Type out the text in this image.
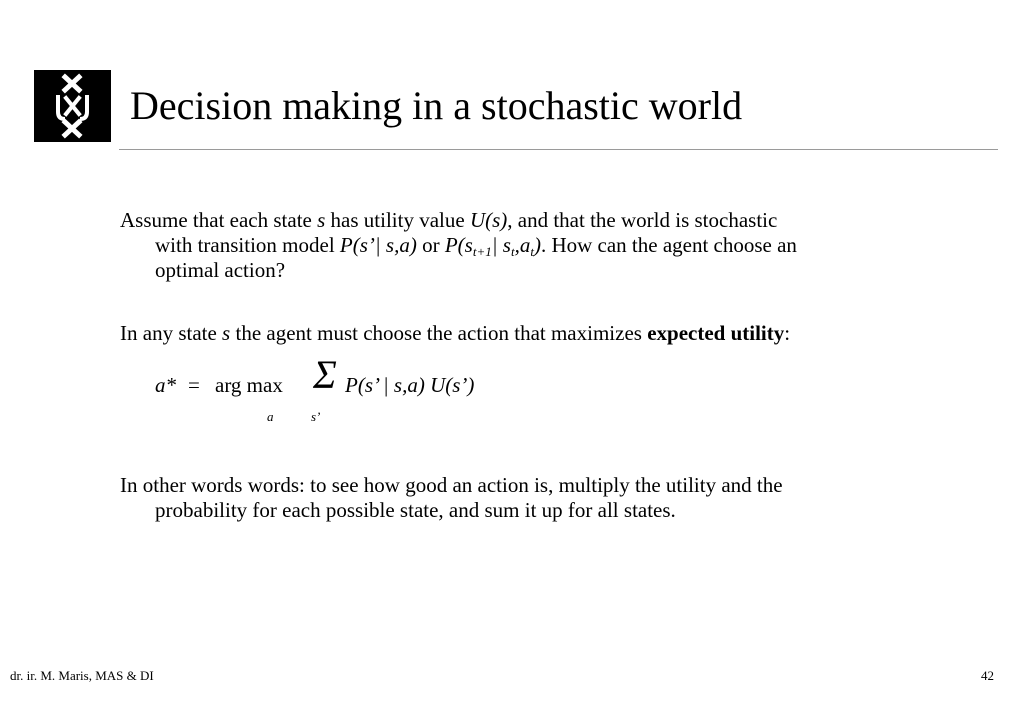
Decision making in a stochastic world
Assume that each state s has utility value U(s), and that the world is stochastic
with transition model P(s’| s,a) or $P(s_{t+1}|$ $s_t,a_t$). How can the agent choose an
optimal action?
In any state s the agent must choose the action that maximizes expected utility:
a* = arg max Σ P(s’ | s,a) U(s’)
a	s’
In other words words: to see how good an action is, multiply the utility and the
probability for each possible state, and sum it up for all states.
dr. ir. M. Maris, MAS & DI	42
